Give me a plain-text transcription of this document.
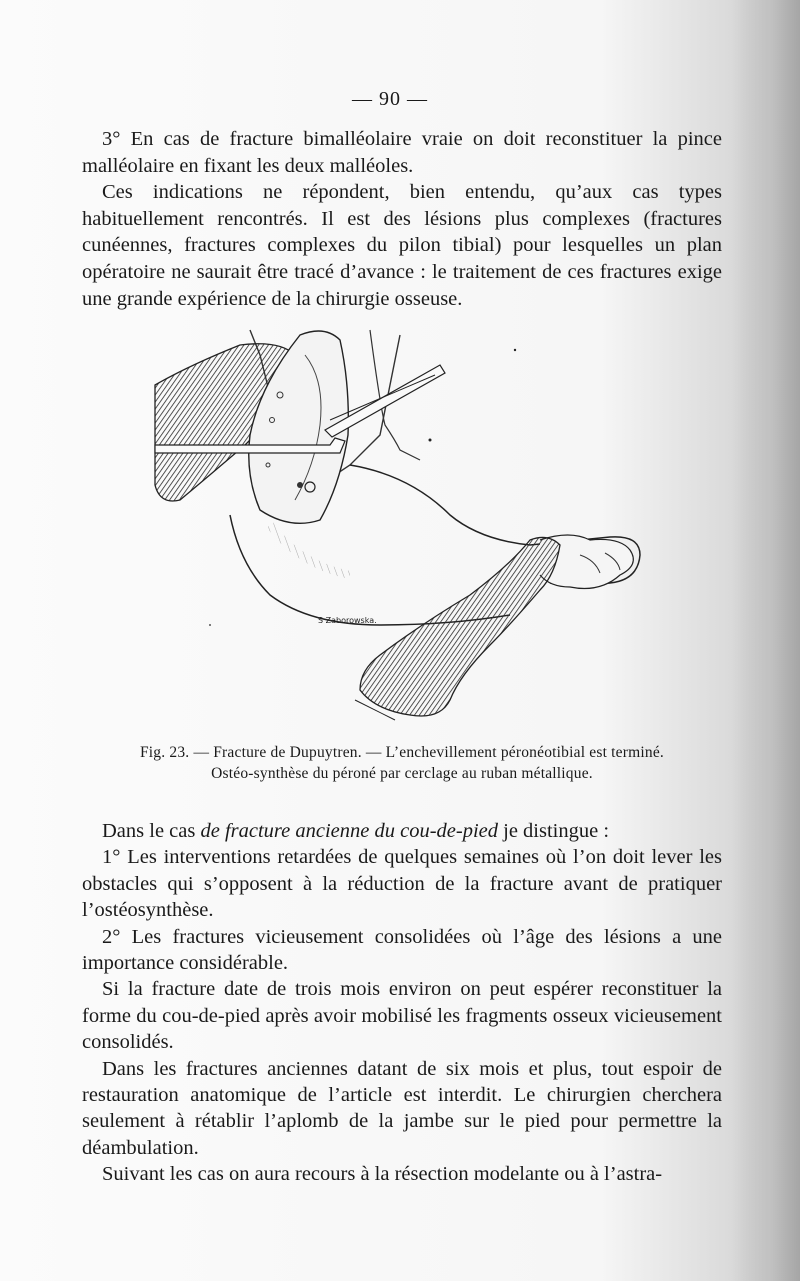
— 90 —

3° En cas de fracture bimalléolaire vraie on doit reconstituer la pince malléolaire en fixant les deux malléoles.

Ces indications ne répondent, bien entendu, qu’aux cas types habituellement rencontrés. Il est des lésions plus complexes (fractures cunéennes, fractures complexes du pilon tibial) pour lesquelles un plan opératoire ne saurait être tracé d’avance : le traitement de ces fractures exige une grande expérience de la chirurgie osseuse.

S Zaborowska.
Fig. 23. — Fracture de Dupuytren. — L’enchevillement péronéotibial est terminé.
Ostéo-synthèse du péroné par cerclage au ruban métallique.

Dans le cas de fracture ancienne du cou-de-pied je distingue :

1° Les interventions retardées de quelques semaines où l’on doit lever les obstacles qui s’opposent à la réduction de la fracture avant de pratiquer l’ostéosynthèse.

2° Les fractures vicieusement consolidées où l’âge des lésions a une importance considérable.

Si la fracture date de trois mois environ on peut espérer reconstituer la forme du cou-de-pied après avoir mobilisé les fragments osseux vicieusement consolidés.

Dans les fractures anciennes datant de six mois et plus, tout espoir de restauration anatomique de l’article est interdit. Le chirurgien cherchera seulement à rétablir l’aplomb de la jambe sur le pied pour permettre la déambulation.

Suivant les cas on aura recours à la résection modelante ou à l’astra-
